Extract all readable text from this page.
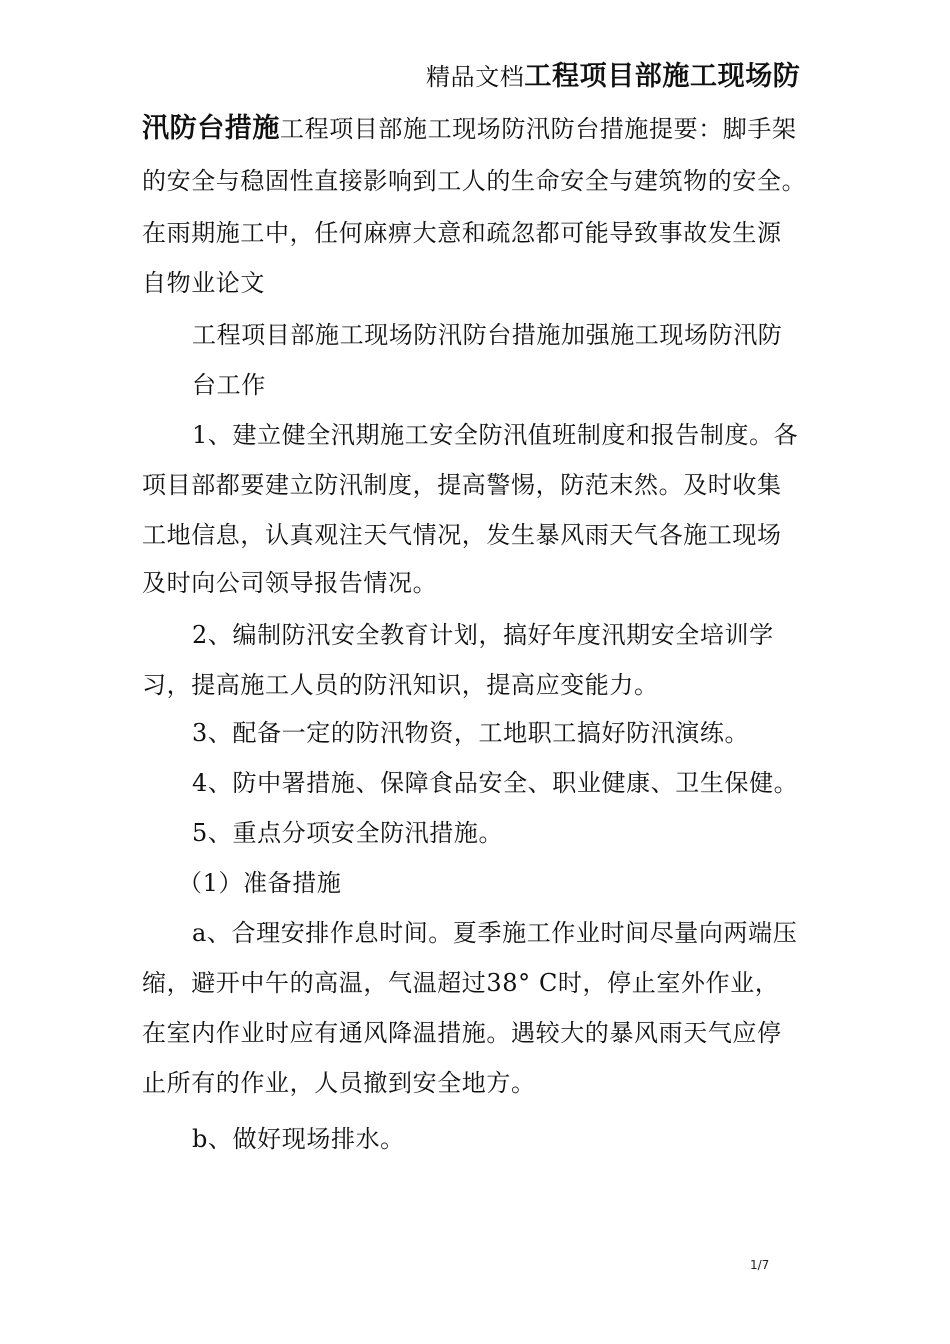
精品文档工程项目部施工现场防
汛防台措施工程项目部施工现场防汛防台措施提要：脚手架
的安全与稳固性直接影响到工人的生命安全与建筑物的安全。
在雨期施工中，任何麻痹大意和疏忽都可能导致事故发生源
自物业论文
工程项目部施工现场防汛防台措施加强施工现场防汛防
台工作
1、建立健全汛期施工安全防汛值班制度和报告制度。各
项目部都要建立防汛制度，提高警惕，防范末然。及时收集
工地信息，认真观注天气情况，发生暴风雨天气各施工现场
及时向公司领导报告情况。
2、编制防汛安全教育计划，搞好年度汛期安全培训学
习，提高施工人员的防汛知识，提高应变能力。
3、配备一定的防汛物资，工地职工搞好防汛演练。
4、防中署措施、保障食品安全、职业健康、卫生保健。
5、重点分项安全防汛措施。
（1）准备措施
a、合理安排作息时间。夏季施工作业时间尽量向两端压
缩，避开中午的高温，气温超过38° C时，停止室外作业，
在室内作业时应有通风降温措施。遇较大的暴风雨天气应停
止所有的作业，人员撤到安全地方。
b、做好现场排水。
1/7
